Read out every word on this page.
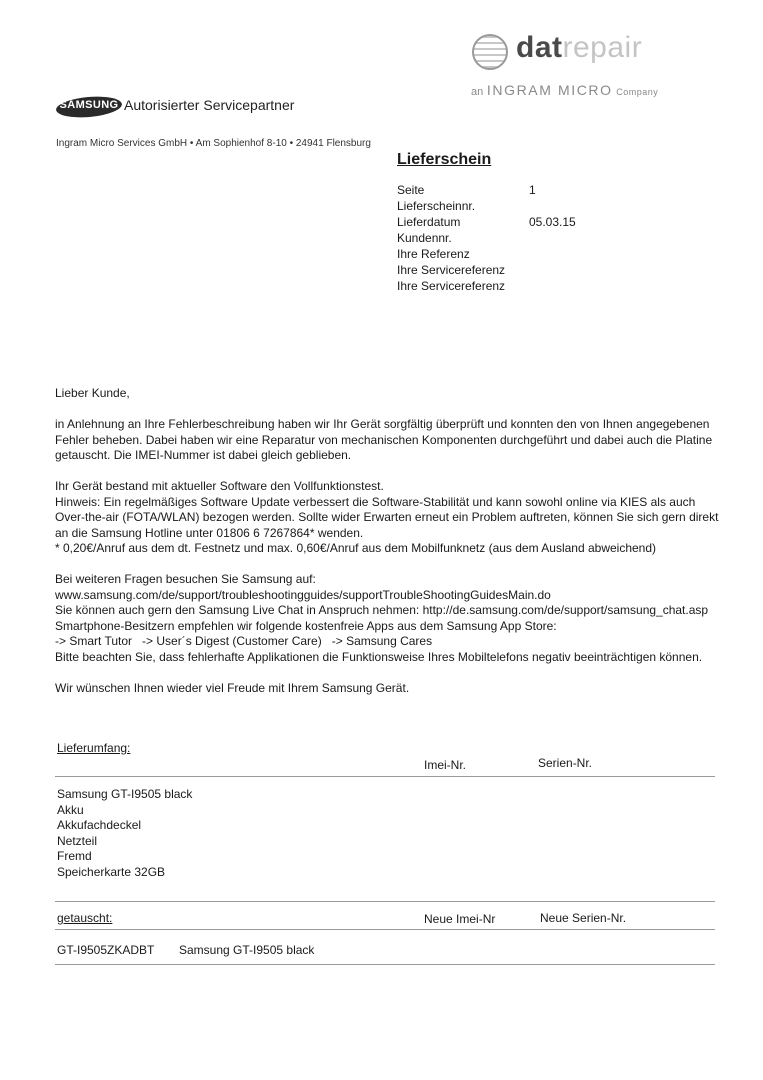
datrepair
an INGRAM MICRO Company
SAMSUNG Autorisierter Servicepartner
Ingram Micro Services GmbH • Am Sophienhof 8-10 • 24941 Flensburg
Lieferschein
Seite	1
Lieferscheinnr.
Lieferdatum	05.03.15
Kundennr.
Ihre Referenz
Ihre Servicereferenz
Ihre Servicereferenz

Lieber Kunde,

in Anlehnung an Ihre Fehlerbeschreibung haben wir Ihr Gerät sorgfältig überprüft und konnten den von Ihnen angegebenen Fehler beheben. Dabei haben wir eine Reparatur von mechanischen Komponenten durchgeführt und dabei auch die Platine getauscht. Die IMEI-Nummer ist dabei gleich geblieben.

Ihr Gerät bestand mit aktueller Software den Vollfunktionstest.

Hinweis: Ein regelmäßiges Software Update verbessert die Software-Stabilität und kann sowohl online via KIES als auch Over-the-air (FOTA/WLAN) bezogen werden. Sollte wider Erwarten erneut ein Problem auftreten, können Sie sich gern direkt an die Samsung Hotline unter 01806 6 7267864* wenden.

* 0,20€/Anruf aus dem dt. Festnetz und max. 0,60€/Anruf aus dem Mobilfunknetz (aus dem Ausland abweichend)

Bei weiteren Fragen besuchen Sie Samsung auf:

www.samsung.com/de/support/troubleshootingguides/supportTroubleShootingGuidesMain.do

Sie können auch gern den Samsung Live Chat in Anspruch nehmen: http://de.samsung.com/de/support/samsung_chat.asp

Smartphone-Besitzern empfehlen wir folgende kostenfreie Apps aus dem Samsung App Store:

-> Smart Tutor   -> User´s Digest (Customer Care)   -> Samsung Cares

Bitte beachten Sie, dass fehlerhafte Applikationen die Funktionsweise Ihres Mobiltelefons negativ beeinträchtigen können.

Wir wünschen Ihnen wieder viel Freude mit Ihrem Samsung Gerät.

Lieferumfang:
Imei-Nr.	Serien-Nr.
Samsung GT-I9505 black
Akku
Akkufachdeckel
Netzteil
Fremd
Speicherkarte 32GB
getauscht:	Neue Imei-Nr	Neue Serien-Nr.
GT-I9505ZKADBT Samsung GT-I9505 black
